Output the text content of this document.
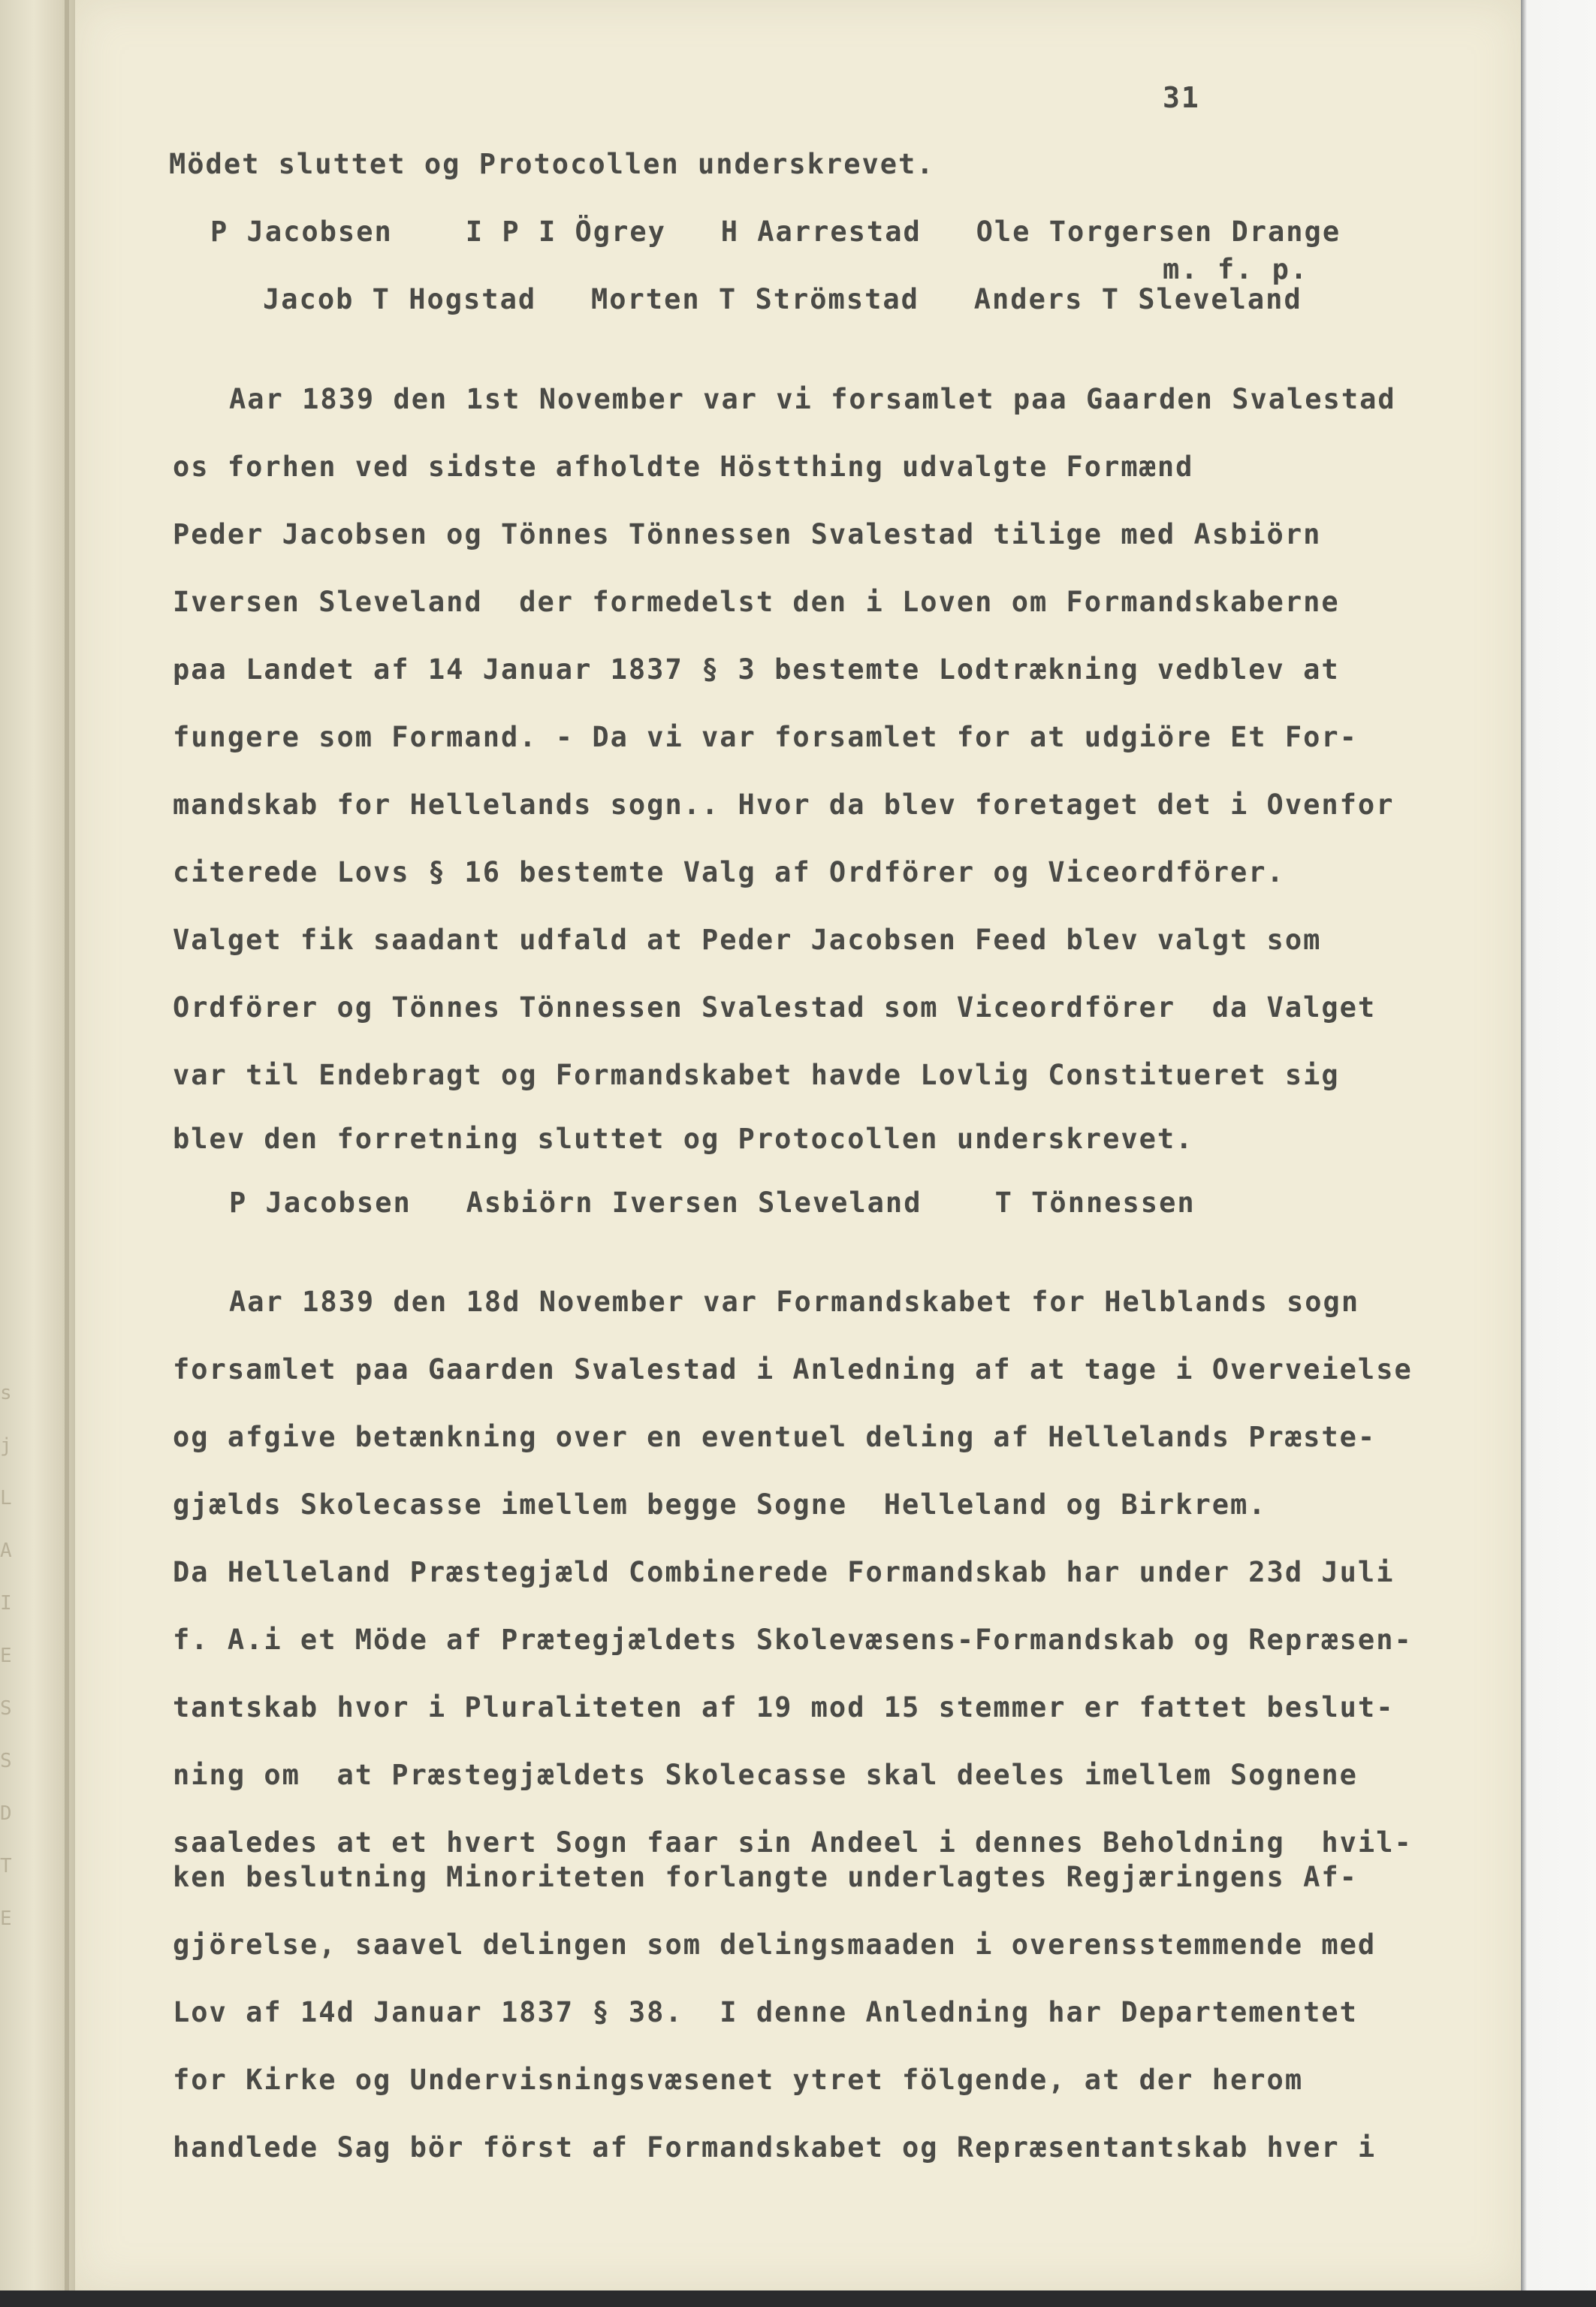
s
j
L
A
I
E
S
S
D
T
E
31
Mödet sluttet og Protocollen underskrevet.
P Jacobsen    I P I Ögrey   H Aarrestad   Ole Torgersen Drange
m. f. p.
Jacob T Hogstad   Morten T Strömstad   Anders T Sleveland
Aar 1839 den 1st November var vi forsamlet paa Gaarden Svalestad
os forhen ved sidste afholdte Höstthing udvalgte Formænd
Peder Jacobsen og Tönnes Tönnessen Svalestad tilige med Asbiörn
Iversen Sleveland  der formedelst den i Loven om Formandskaberne
paa Landet af 14 Januar 1837 § 3 bestemte Lodtrækning vedblev at
fungere som Formand. - Da vi var forsamlet for at udgiöre Et For-
mandskab for Hellelands sogn.. Hvor da blev foretaget det i Ovenfor
citerede Lovs § 16 bestemte Valg af Ordförer og Viceordförer.
Valget fik saadant udfald at Peder Jacobsen Feed blev valgt som
Ordförer og Tönnes Tönnessen Svalestad som Viceordförer  da Valget
var til Endebragt og Formandskabet havde Lovlig Constitueret sig
blev den forretning sluttet og Protocollen underskrevet.
P Jacobsen   Asbiörn Iversen Sleveland    T Tönnessen
Aar 1839 den 18d November var Formandskabet for Helblands sogn
forsamlet paa Gaarden Svalestad i Anledning af at tage i Overveielse
og afgive betænkning over en eventuel deling af Hellelands Præste-
gjælds Skolecasse imellem begge Sogne  Helleland og Birkrem.
Da Helleland Præstegjæld Combinerede Formandskab har under 23d Juli
f. A.i et Möde af Prætegjældets Skolevæsens-Formandskab og Repræsen-
tantskab hvor i Pluraliteten af 19 mod 15 stemmer er fattet beslut-
ning om  at Præstegjældets Skolecasse skal deeles imellem Sognene
saaledes at et hvert Sogn faar sin Andeel i dennes Beholdning  hvil-
ken beslutning Minoriteten forlangte underlagtes Regjæringens Af-
gjörelse, saavel delingen som delingsmaaden i overensstemmende med
Lov af 14d Januar 1837 § 38.  I denne Anledning har Departementet
for Kirke og Undervisningsvæsenet ytret fölgende, at der herom
handlede Sag bör först af Formandskabet og Repræsentantskab hver i
